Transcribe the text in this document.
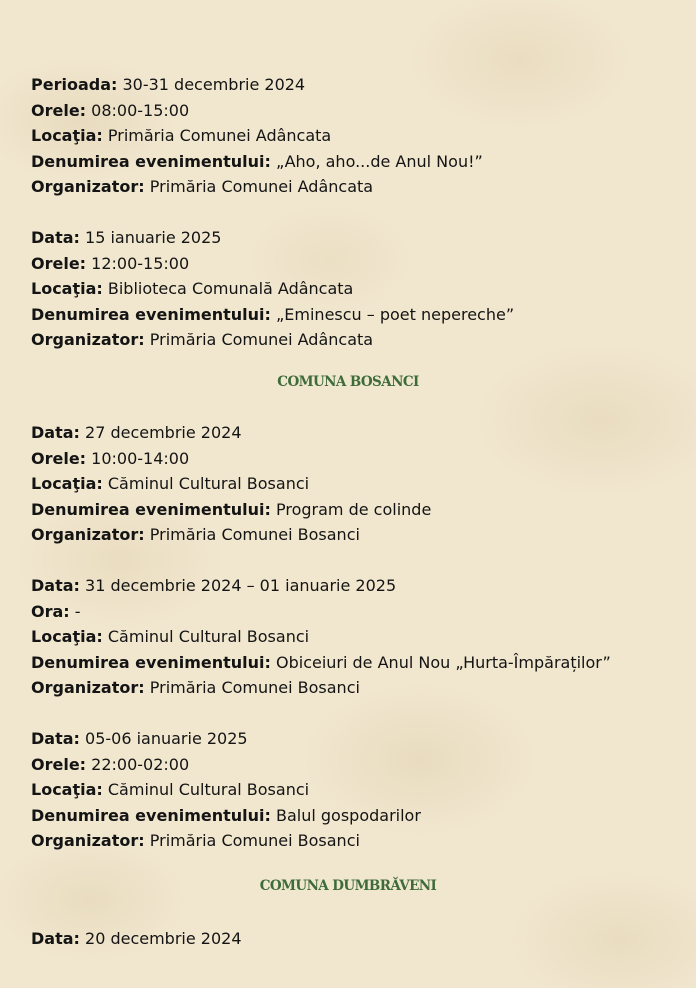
Perioada: 30-31 decembrie 2024
Orele: 08:00-15:00
Locaţia: Primăria Comunei Adâncata
Denumirea evenimentului: „Aho, aho...de Anul Nou!”
Organizator: Primăria Comunei Adâncata
Data: 15 ianuarie 2025
Orele: 12:00-15:00
Locaţia: Biblioteca Comunală Adâncata
Denumirea evenimentului: „Eminescu – poet nepereche”
Organizator: Primăria Comunei Adâncata
COMUNA BOSANCI
Data: 27 decembrie 2024
Orele: 10:00-14:00
Locaţia: Căminul Cultural Bosanci
Denumirea evenimentului: Program de colinde
Organizator: Primăria Comunei Bosanci
Data: 31 decembrie 2024 – 01 ianuarie 2025
Ora: -
Locaţia: Căminul Cultural Bosanci
Denumirea evenimentului: Obiceiuri de Anul Nou „Hurta-Împăraților”
Organizator: Primăria Comunei Bosanci
Data: 05-06 ianuarie 2025
Orele: 22:00-02:00
Locaţia: Căminul Cultural Bosanci
Denumirea evenimentului: Balul gospodarilor
Organizator: Primăria Comunei Bosanci
COMUNA DUMBRĂVENI
Data: 20 decembrie 2024
